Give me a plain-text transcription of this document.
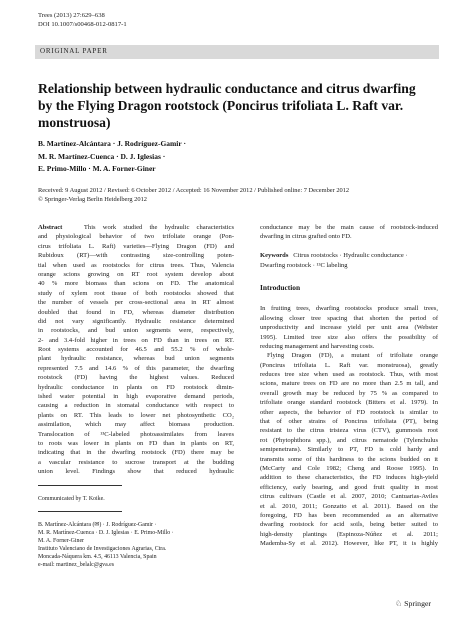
Trees (2013) 27:629–638
DOI 10.1007/s00468-012-0817-1
ORIGINAL PAPER
Relationship between hydraulic conductance and citrus dwarfing
by the Flying Dragon rootstock (Poncirus trifoliata L. Raft var.
monstruosa)
B. Martínez-Alcántara · J. Rodríguez-Gamir ·
M. R. Martínez-Cuenca · D. J. Iglesias ·
E. Primo-Millo · M. A. Forner-Giner
Received: 9 August 2012 / Revised: 6 October 2012 / Accepted: 16 November 2012 / Published online: 7 December 2012
© Springer-Verlag Berlin Heidelberg 2012
Abstract	This work studied the hydraulic characteristics
and physiological behavior of two trifoliate orange (Pon-
cirus trifoliata L. Raft) varieties—Flying Dragon (FD) and
Rubidoux (RT)—with contrasting size-controlling poten-
tial when used as rootstocks for citrus trees. Thus, Valencia
orange scions growing on RT root system develop about
40 % more biomass than scions on FD. The anatomical
study of xylem root tissue of both rootstocks showed that
the number of vessels per cross-sectional area in RT almost
doubled that found in FD, whereas diameter distribution
did not vary significantly. Hydraulic resistance determined
in rootstocks, and bud union segments were, respectively,
2- and 3.4-fold higher in trees on FD than in trees on RT.
Root systems accounted for 46.5 and 55.2 % of whole-
plant hydraulic resistance, whereas bud union segments
represented 7.5 and 14.6 % of this parameter, the dwarfing
rootstock (FD) having the highest values. Reduced
hydraulic conductance in plants on FD rootstock dimin-
ished water potential in high evaporative demand periods,
causing a reduction in stomatal conductance with respect to
plants on RT. This leads to lower net photosynthetic CO₂
assimilation, which may affect biomass production.
Translocation of ¹³C-labeled photoassimilates from leaves
to roots was lower in plants on FD than in plants on RT,
indicating that in the dwarfing rootstock (FD) there may be
a vascular resistance to sucrose transport at the budding
union level. Findings show that reduced hydraulic
Communicated by T. Koike.
B. Martínez-Alcántara (✉) · J. Rodríguez-Gamir ·
M. R. Martínez-Cuenca · D. J. Iglesias · E. Primo-Millo ·
M. A. Forner-Giner
Instituto Valenciano de Investigaciones Agrarias, Ctra.
Moncada-Náquera km. 4.5, 46113 Valencia, Spain
e-mail: martinez_belalc@gva.es
conductance may be the main cause of rootstock-induced
dwarfing in citrus grafted onto FD.
Keywords Citrus rootstocks · Hydraulic conductance ·
Dwarfing rootstock · ¹³C labeling
Introduction
In fruiting trees, dwarfing rootstocks produce small trees,
allowing closer tree spacing that shorten the period of
unproductivity and increase yield per unit area (Webster
1995). Limited tree size also offers the possibility of
reducing management and harvesting costs.
Flying Dragon (FD), a mutant of trifoliate orange
(Poncirus trifoliata L. Raft var. monstruosa), greatly
reduces tree size when used as rootstock. Thus, with most
scions, mature trees on FD are no more than 2.5 m tall, and
overall growth may be reduced by 75 % as compared to
trifoliate orange standard rootstock (Bitters et al. 1979). In
other aspects, the behavior of FD rootstock is similar to
that of other strains of Poncirus trifoliata (PT), being
resistant to the citrus tristeza virus (CTV), gummosis root
rot (Phytophthora spp.), and citrus nematode (Tylenchulus
semipenetrans). Similarly to PT, FD is cold hardy and
transmits some of this hardiness to the scions budded on it
(McCarty and Cole 1982; Cheng and Roose 1995). In
addition to these characteristics, the FD induces high-yield
efficiency, early bearing, and good fruit quality in most
citrus cultivars (Castle et al. 2007, 2010; Cantuarias-Aviles
et al. 2010, 2011; Gonzatto et al. 2011). Based on the
foregoing, FD has been recommended as an alternative
dwarfing rootstock for acid soils, being better suited to
high-density plantings (Espinoza-Núñez et al. 2011;
Mademba-Sy et al. 2012). However, like PT, it is highly
♘ Springer
